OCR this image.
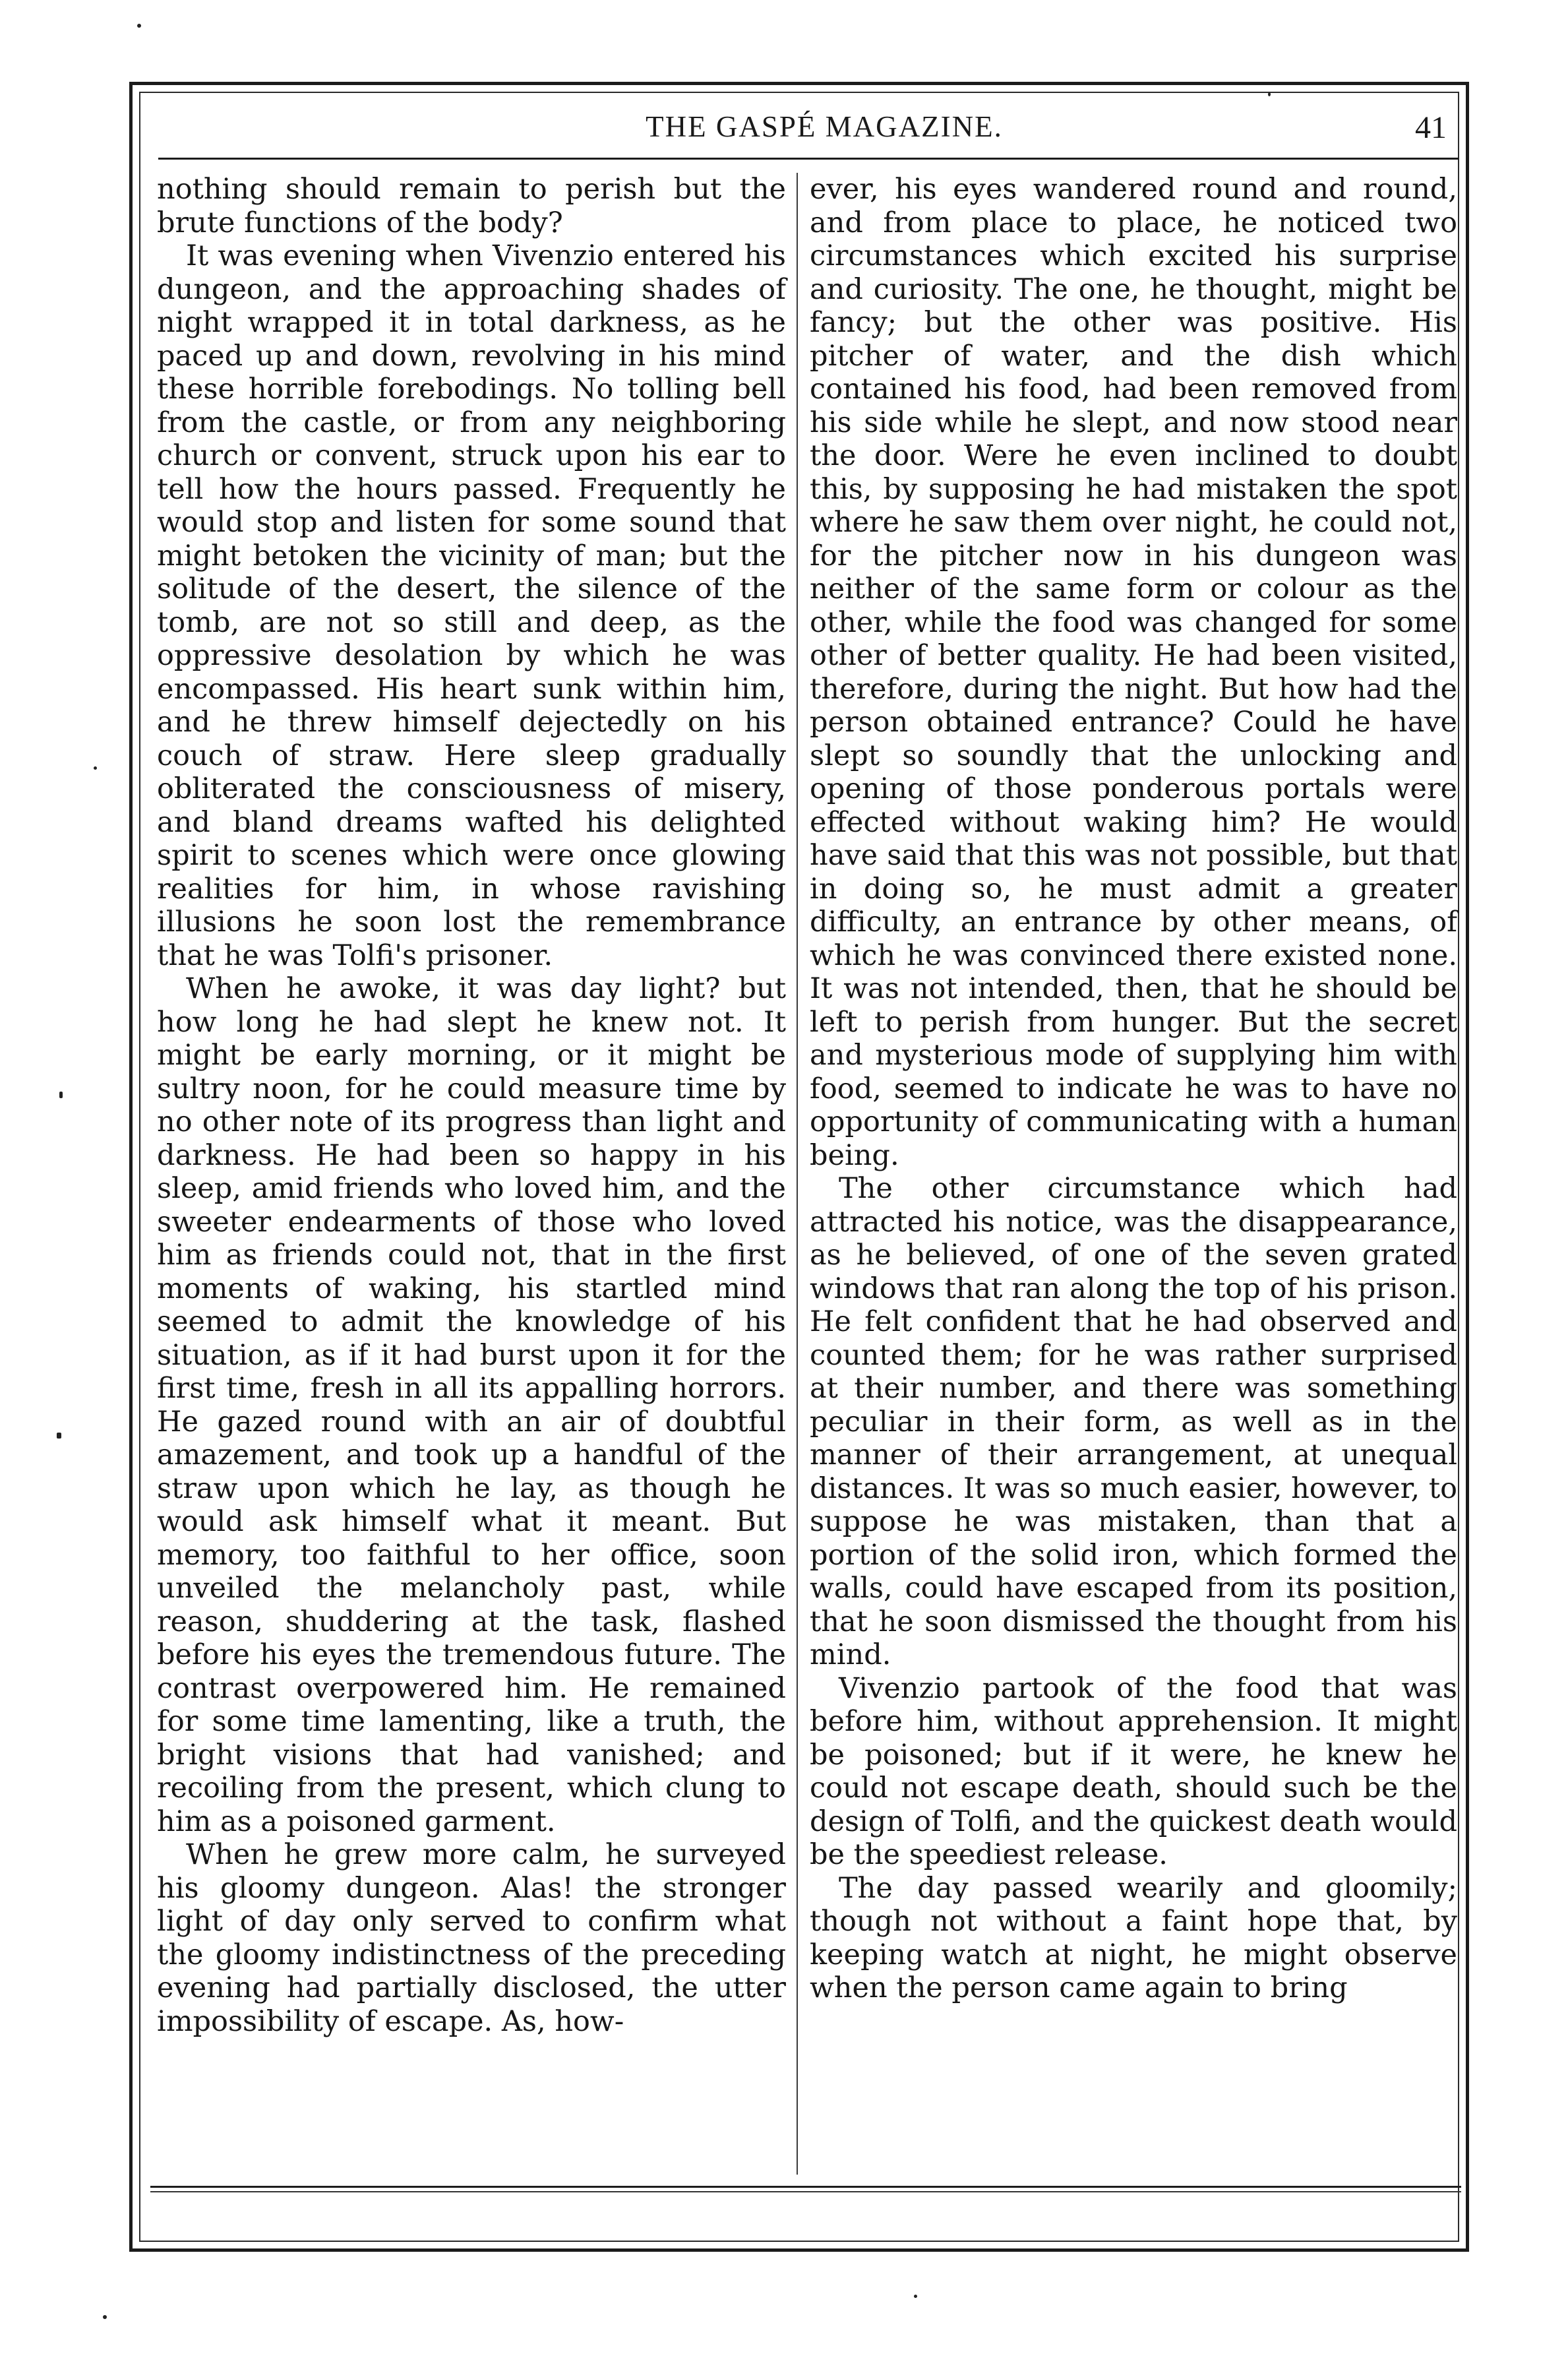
THE GASPÉ MAGAZINE.	41

nothing should remain to perish but the brute functions of the body?

It was evening when Vivenzio entered his dungeon, and the approaching shades of night wrapped it in total darkness, as he paced up and down, revolving in his mind these horrible forebodings. No tolling bell from the castle, or from any neighboring church or convent, struck upon his ear to tell how the hours passed. Frequently he would stop and listen for some sound that might betoken the vicinity of man; but the solitude of the desert, the silence of the tomb, are not so still and deep, as the oppressive desolation by which he was encompassed. His heart sunk within him, and he threw himself dejectedly on his couch of straw. Here sleep gradually obliterated the consciousness of misery, and bland dreams wafted his delighted spirit to scenes which were once glowing realities for him, in whose ravishing illusions he soon lost the remembrance that he was Tolfi's prisoner.

When he awoke, it was day light? but how long he had slept he knew not. It might be early morning, or it might be sultry noon, for he could measure time by no other note of its progress than light and darkness. He had been so happy in his sleep, amid friends who loved him, and the sweeter endearments of those who loved him as friends could not, that in the first moments of waking, his startled mind seemed to admit the knowledge of his situation, as if it had burst upon it for the first time, fresh in all its appalling horrors. He gazed round with an air of doubtful amazement, and took up a handful of the straw upon which he lay, as though he would ask himself what it meant. But memory, too faithful to her office, soon unveiled the melancholy past, while reason, shuddering at the task, flashed before his eyes the tremendous future. The contrast overpowered him. He remained for some time lamenting, like a truth, the bright visions that had vanished; and recoiling from the present, which clung to him as a poisoned garment.

When he grew more calm, he surveyed his gloomy dungeon. Alas! the stronger light of day only served to confirm what the gloomy indistinctness of the preceding evening had partially disclosed, the utter impossibility of escape. As, how-

ever, his eyes wandered round and round, and from place to place, he noticed two circumstances which excited his surprise and curiosity. The one, he thought, might be fancy; but the other was positive. His pitcher of water, and the dish which contained his food, had been removed from his side while he slept, and now stood near the door. Were he even inclined to doubt this, by supposing he had mistaken the spot where he saw them over night, he could not, for the pitcher now in his dungeon was neither of the same form or colour as the other, while the food was changed for some other of better quality. He had been visited, therefore, during the night. But how had the person obtained entrance? Could he have slept so soundly that the unlocking and opening of those ponderous portals were effected without waking him? He would have said that this was not possible, but that in doing so, he must admit a greater difficulty, an entrance by other means, of which he was convinced there existed none. It was not intended, then, that he should be left to perish from hunger. But the secret and mysterious mode of supplying him with food, seemed to indicate he was to have no opportunity of communicating with a human being.

The other circumstance which had attracted his notice, was the disappearance, as he believed, of one of the seven grated windows that ran along the top of his prison. He felt confident that he had observed and counted them; for he was rather surprised at their number, and there was something peculiar in their form, as well as in the manner of their arrangement, at unequal distances. It was so much easier, however, to suppose he was mistaken, than that a portion of the solid iron, which formed the walls, could have escaped from its position, that he soon dismissed the thought from his mind.

Vivenzio partook of the food that was before him, without apprehension. It might be poisoned; but if it were, he knew he could not escape death, should such be the design of Tolfi, and the quickest death would be the speediest release.

The day passed wearily and gloomily; though not without a faint hope that, by keeping watch at night, he might observe when the person came again to bring
